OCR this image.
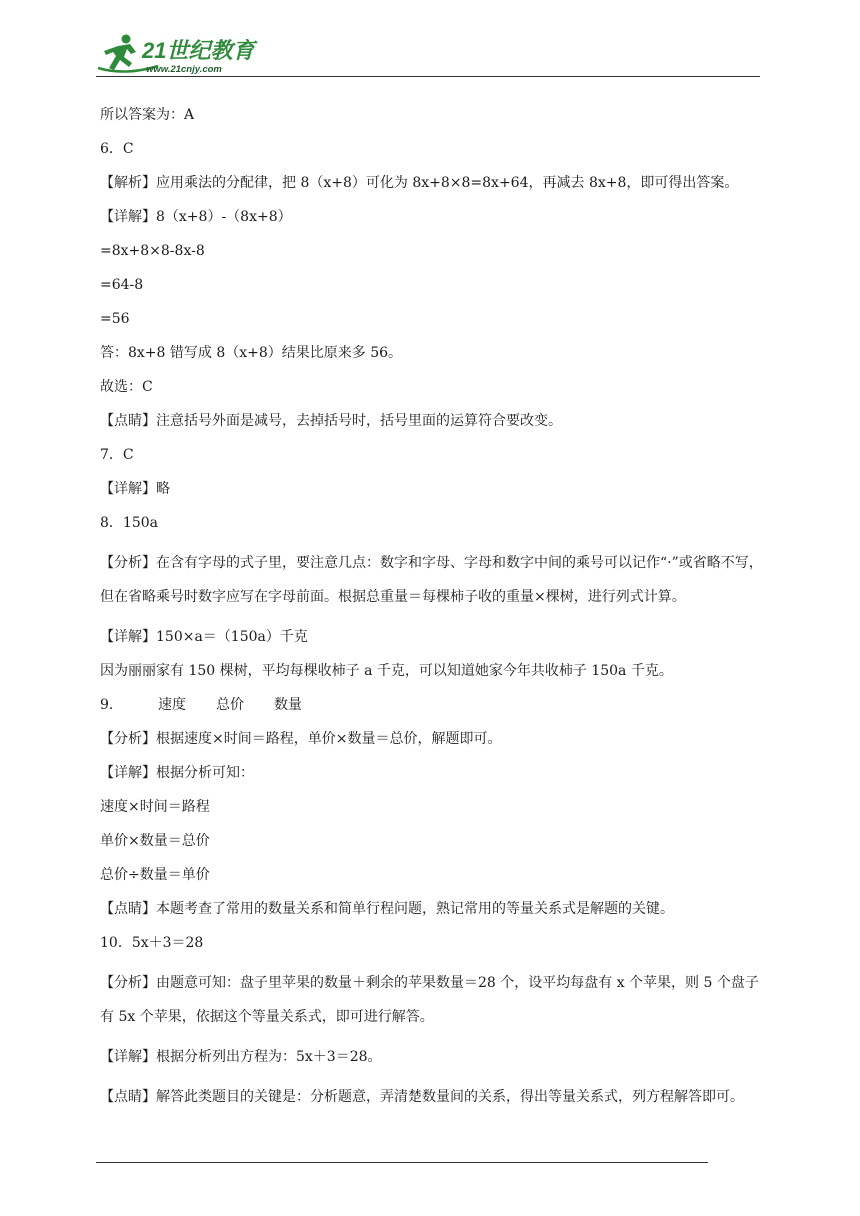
21世纪教育
www.21cnjy.com
所以答案为：A
6．C
【解析】应用乘法的分配律，把 8（x+8）可化为 8x+8×8=8x+64，再减去 8x+8，即可得出答案。
【详解】8（x+8）-（8x+8）
=8x+8×8-8x-8
=64-8
=56
答：8x+8 错写成 8（x+8）结果比原来多 56。
故选：C
【点睛】注意括号外面是减号，去掉括号时，括号里面的运算符合要改变。
7．C
【详解】略
8．150a
【分析】在含有字母的式子里，要注意几点：数字和字母、字母和数字中间的乘号可以记作“·”或省略不写，但在省略乘号时数字应写在字母前面。根据总重量＝每棵柿子收的重量×棵树，进行列式计算。
【详解】150×a＝（150a）千克
因为丽丽家有 150 棵树，平均每棵收柿子 a 千克，可以知道她家今年共收柿子 150a 千克。
9．	速度 总价 数量
【分析】根据速度×时间＝路程，单价×数量＝总价，解题即可。
【详解】根据分析可知：
速度×时间＝路程
单价×数量＝总价
总价÷数量＝单价
【点睛】本题考查了常用的数量关系和简单行程问题，熟记常用的等量关系式是解题的关键。
10．5x＋3＝28
【分析】由题意可知：盘子里苹果的数量＋剩余的苹果数量＝28 个，设平均每盘有 x 个苹果，则 5 个盘子有 5x 个苹果，依据这个等量关系式，即可进行解答。
【详解】根据分析列出方程为：5x＋3＝28。
【点睛】解答此类题目的关键是：分析题意，弄清楚数量间的关系，得出等量关系式，列方程解答即可。
